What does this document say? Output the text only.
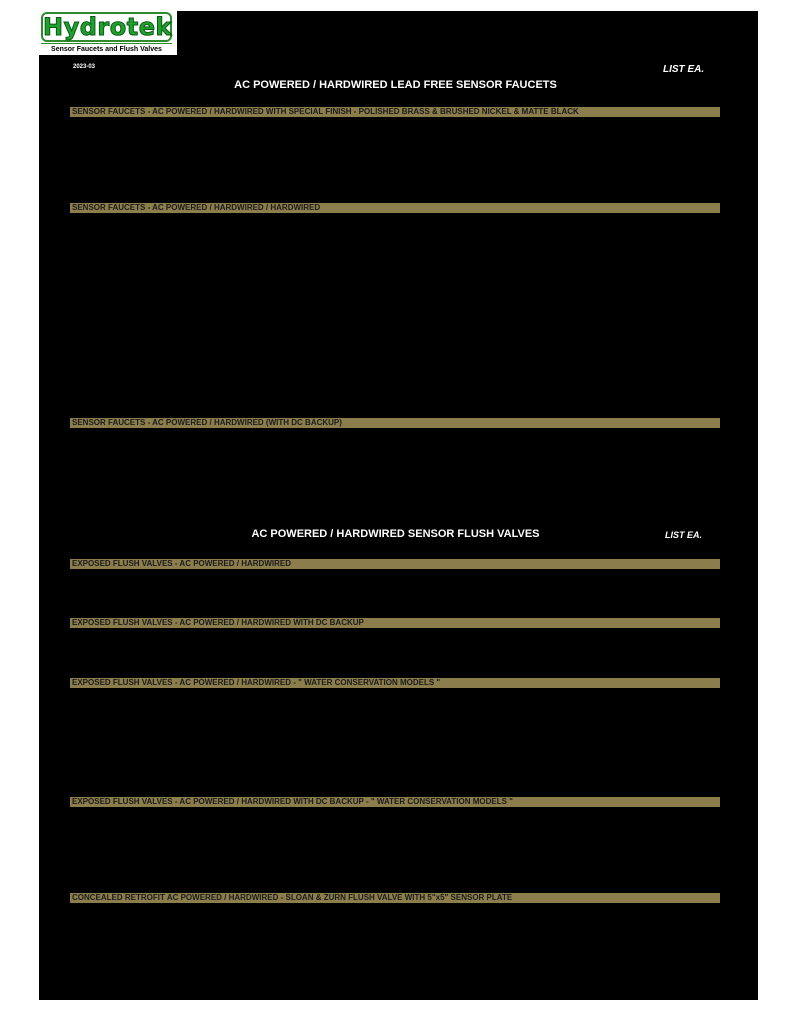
Hydrotek
Sensor Faucets and Flush Valves
2023-03	LIST EA.
AC POWERED / HARDWIRED LEAD FREE SENSOR FAUCETS
SENSOR FAUCETS - AC POWERED / HARDWIRED WITH SPECIAL FINISH - POLISHED BRASS & BRUSHED NICKEL & MATTE BLACK
SENSOR FAUCETS - AC POWERED / HARDWIRED / HARDWIRED
SENSOR FAUCETS - AC POWERED / HARDWIRED (WITH DC BACKUP)
AC POWERED / HARDWIRED SENSOR FLUSH VALVES	LIST EA.
EXPOSED FLUSH VALVES - AC POWERED / HARDWIRED
EXPOSED FLUSH VALVES - AC POWERED / HARDWIRED WITH DC BACKUP
EXPOSED FLUSH VALVES - AC POWERED / HARDWIRED - " WATER CONSERVATION MODELS "
EXPOSED FLUSH VALVES - AC POWERED / HARDWIRED WITH DC BACKUP - " WATER CONSERVATION MODELS "
CONCEALED RETROFIT AC POWERED / HARDWIRED - SLOAN & ZURN FLUSH VALVE WITH 5"x5" SENSOR PLATE
